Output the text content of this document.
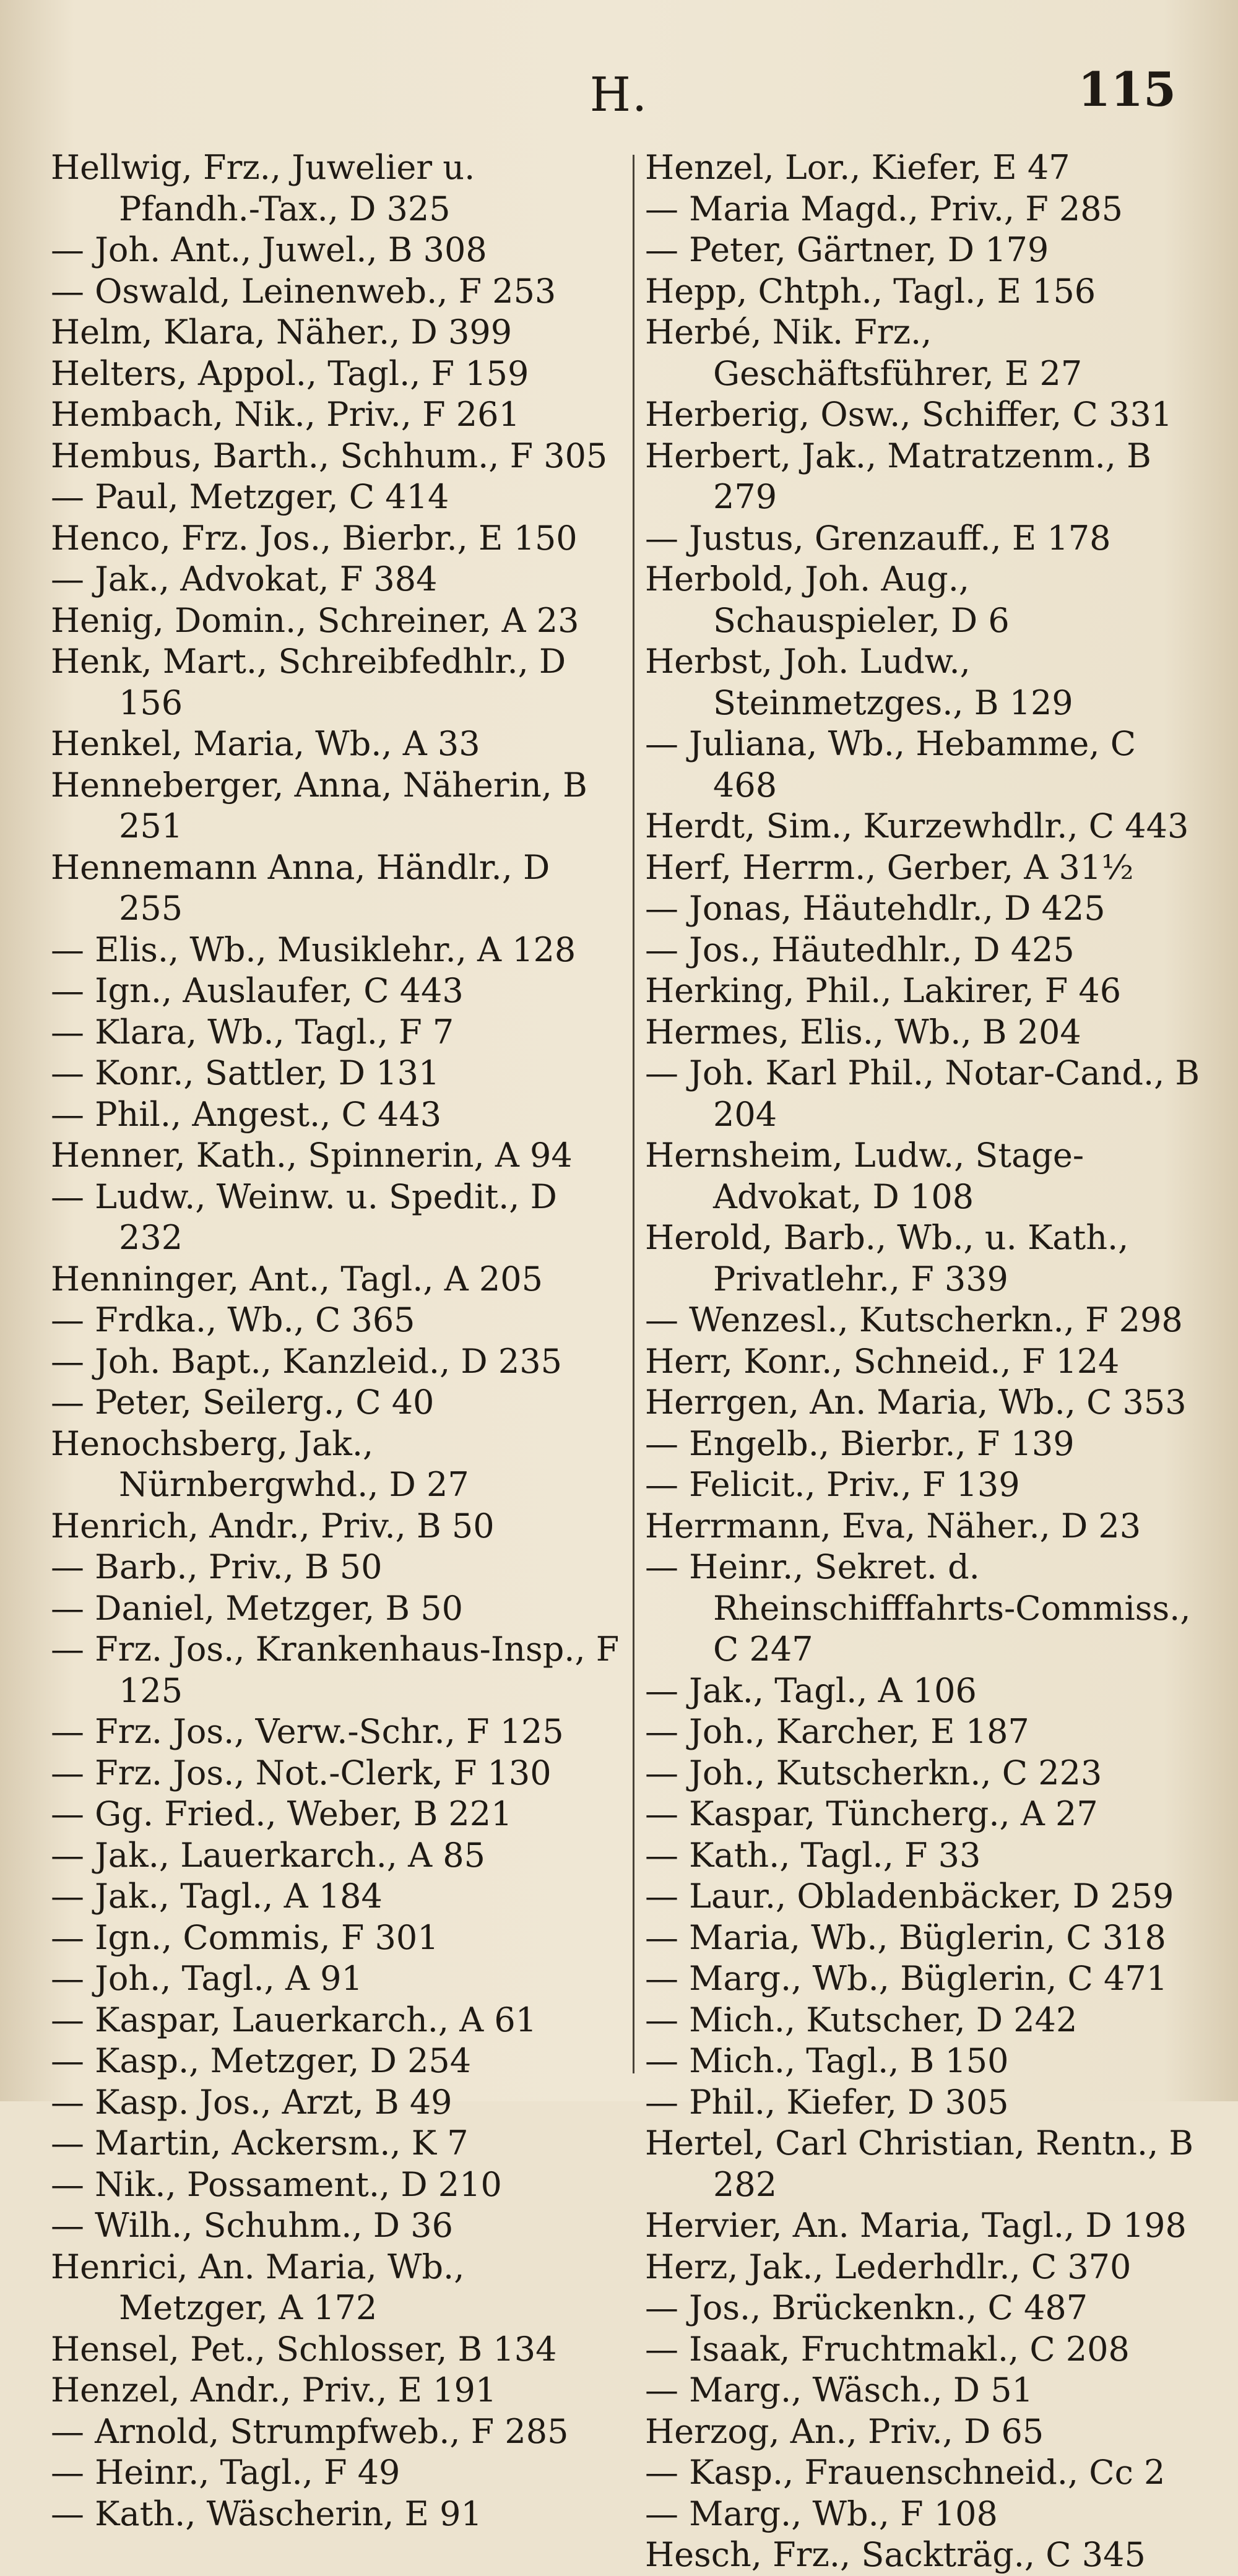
H.	115
Hellwig, Frz., Juwelier u. Pfandh.-Tax., D 325
— Joh. Ant., Juwel., B 308
— Oswald, Leinenweb., F 253
Helm, Klara, Näher., D 399
Helters, Appol., Tagl., F 159
Hembach, Nik., Priv., F 261
Hembus, Barth., Schhum., F 305
— Paul, Metzger, C 414
Henco, Frz. Jos., Bierbr., E 150
— Jak., Advokat, F 384
Henig, Domin., Schreiner, A 23
Henk, Mart., Schreibfedhlr., D 156
Henkel, Maria, Wb., A 33
Henneberger, Anna, Näherin, B 251
Hennemann Anna, Händlr., D 255
— Elis., Wb., Musiklehr., A 128
— Ign., Auslaufer, C 443
— Klara, Wb., Tagl., F 7
— Konr., Sattler, D 131
— Phil., Angest., C 443
Henner, Kath., Spinnerin, A 94
— Ludw., Weinw. u. Spedit., D 232
Henninger, Ant., Tagl., A 205
— Frdka., Wb., C 365
— Joh. Bapt., Kanzleid., D 235
— Peter, Seilerg., C 40
Henochsberg, Jak., Nürnbergwhd., D 27
Henrich, Andr., Priv., B 50
— Barb., Priv., B 50
— Daniel, Metzger, B 50
— Frz. Jos., Krankenhaus-Insp., F 125
— Frz. Jos., Verw.-Schr., F 125
— Frz. Jos., Not.-Clerk, F 130
— Gg. Fried., Weber, B 221
— Jak., Lauerkarch., A 85
— Jak., Tagl., A 184
— Ign., Commis, F 301
— Joh., Tagl., A 91
— Kaspar, Lauerkarch., A 61
— Kasp., Metzger, D 254
— Kasp. Jos., Arzt, B 49
— Martin, Ackersm., K 7
— Nik., Possament., D 210
— Wilh., Schuhm., D 36
Henrici, An. Maria, Wb., Metzger, A 172
Hensel, Pet., Schlosser, B 134
Henzel, Andr., Priv., E 191
— Arnold, Strumpfweb., F 285
— Heinr., Tagl., F 49
— Kath., Wäscherin, E 91
Henzel, Lor., Kiefer, E 47
— Maria Magd., Priv., F 285
— Peter, Gärtner, D 179
Hepp, Chtph., Tagl., E 156
Herbé, Nik. Frz., Geschäftsführer, E 27
Herberig, Osw., Schiffer, C 331
Herbert, Jak., Matratzenm., B 279
— Justus, Grenzauff., E 178
Herbold, Joh. Aug., Schauspieler, D 6
Herbst, Joh. Ludw., Steinmetzges., B 129
— Juliana, Wb., Hebamme, C 468
Herdt, Sim., Kurzewhdlr., C 443
Herf, Herrm., Gerber, A 31½
— Jonas, Häutehdlr., D 425
— Jos., Häutedhlr., D 425
Herking, Phil., Lakirer, F 46
Hermes, Elis., Wb., B 204
— Joh. Karl Phil., Notar-Cand., B 204
Hernsheim, Ludw., Stage-Advokat, D 108
Herold, Barb., Wb., u. Kath., Privatlehr., F 339
— Wenzesl., Kutscherkn., F 298
Herr, Konr., Schneid., F 124
Herrgen, An. Maria, Wb., C 353
— Engelb., Bierbr., F 139
— Felicit., Priv., F 139
Herrmann, Eva, Näher., D 23
— Heinr., Sekret. d. Rheinschifffahrts-Commiss., C 247
— Jak., Tagl., A 106
— Joh., Karcher, E 187
— Joh., Kutscherkn., C 223
— Kaspar, Tüncherg., A 27
— Kath., Tagl., F 33
— Laur., Obladenbäcker, D 259
— Maria, Wb., Büglerin, C 318
— Marg., Wb., Büglerin, C 471
— Mich., Kutscher, D 242
— Mich., Tagl., B 150
— Phil., Kiefer, D 305
Hertel, Carl Christian, Rentn., B 282
Hervier, An. Maria, Tagl., D 198
Herz, Jak., Lederhdlr., C 370
— Jos., Brückenkn., C 487
— Isaak, Fruchtmakl., C 208
— Marg., Wäsch., D 51
Herzog, An., Priv., D 65
— Kasp., Frauenschneid., Cc 2
— Marg., Wb., F 108
Hesch, Frz., Sackträg., C 345
